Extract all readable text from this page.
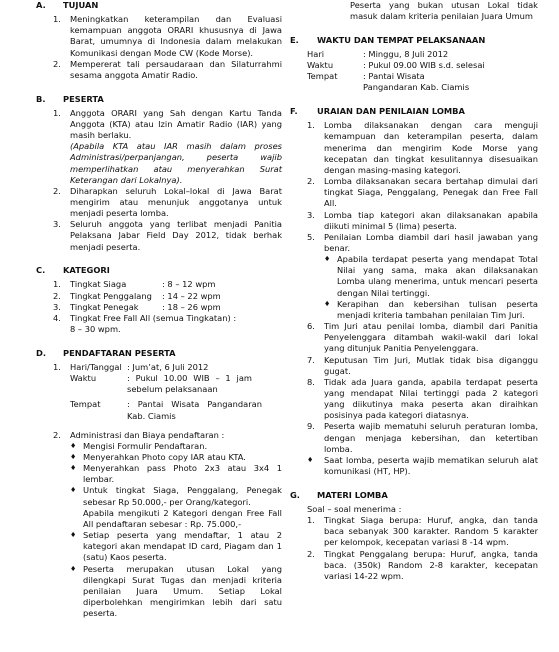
A.	TUJUAN
1.	Meningkatkan keterampilan dan Evaluasi kemampuan anggota ORARI khususnya di Jawa Barat, umumnya di Indonesia dalam melakukan Komunikasi dengan Mode CW (Kode Morse).
2.	Mempererat tali persaudaraan dan Silaturrahmi sesama anggota Amatir Radio.
B.	PESERTA
1.	Anggota ORARI yang Sah dengan Kartu Tanda Anggota (KTA) atau Izin Amatir Radio (IAR) yang masih berlaku.
(Apabila KTA atau IAR masih dalam proses Administrasi/perpanjangan, peserta wajib memperlihatkan atau menyerahkan Surat Keterangan dari Lokalnya).
2.	Diharapkan seluruh Lokal–lokal di Jawa Barat mengirim atau menunjuk anggotanya untuk menjadi peserta lomba.
3.	Seluruh anggota yang terlibat menjadi Panitia Pelaksana Jabar Field Day 2012, tidak berhak menjadi peserta.
C.	KATEGORI
1.	Tingkat Siaga	: 8 – 12 wpm
2.	Tingkat Penggalang	: 14 – 22 wpm
3.	Tingkat Penegak	: 18 – 26 wpm
4.	Tingkat Free Fall All (semua Tingkatan) :
8 – 30 wpm.
D.	PENDAFTARAN PESERTA
1.	Hari/Tanggal : Jum’at, 6 Juli 2012
Waktu	: Pukul 10.00 WIB – 1 jam sebelum pelaksanaan
Tempat	: Pantai Wisata Pangandaran Kab. Ciamis
2.	Administrasi dan Biaya pendaftaran :
♦ Mengisi Formulir Pendaftaran.
♦ Menyerahkan Photo copy IAR atau KTA.
♦ Menyerahkan pass Photo 2x3 atau 3x4 1 lembar.
♦ Untuk tingkat Siaga, Penggalang, Penegak sebesar Rp 50.000,- per Orang/kategori.
Apabila mengikuti 2 Kategori dengan Free Fall All pendaftaran sebesar : Rp. 75.000,-
♦ Setiap peserta yang mendaftar, 1 atau 2 kategori akan mendapat ID card, Piagam dan 1 (satu) Kaos peserta.
♦ Peserta merupakan utusan Lokal yang dilengkapi Surat Tugas dan menjadi kriteria penilaian Juara Umum. Setiap Lokal diperbolehkan mengirimkan lebih dari satu peserta.
Peserta yang bukan utusan Lokal tidak masuk dalam kriteria penilaian Juara Umum
E.	WAKTU DAN TEMPAT PELAKSANAAN
Hari	: Minggu, 8 Juli 2012
Waktu	: Pukul 09.00 WIB s.d. selesai
Tempat	: Pantai Wisata Pangandaran Kab. Ciamis
F.	URAIAN DAN PENILAIAN LOMBA
1.	Lomba dilaksanakan dengan cara menguji kemampuan dan keterampilan peserta, dalam menerima dan mengirim Kode Morse yang kecepatan dan tingkat kesulitannya disesuaikan dengan masing-masing kategori.
2.	Lomba dilaksanakan secara bertahap dimulai dari tingkat Siaga, Penggalang, Penegak dan Free Fall All.
3.	Lomba tiap kategori akan dilaksanakan apabila diikuti minimal 5 (lima) peserta.
5.	Penilaian Lomba diambil dari hasil jawaban yang benar.
♦ Apabila terdapat peserta yang mendapat Total Nilai yang sama, maka akan dilaksanakan Lomba ulang menerima, untuk mencari peserta dengan Nilai tertinggi.
♦ Kerapihan dan kebersihan tulisan peserta menjadi kriteria tambahan penilaian Tim Juri.
6.	Tim Juri atau penilai lomba, diambil dari Panitia Penyelenggara ditambah wakil-wakil dari lokal yang ditunjuk Panitia Penyelenggara.
7.	Keputusan Tim Juri, Mutlak tidak bisa diganggu gugat.
8.	Tidak ada Juara ganda, apabila terdapat peserta yang mendapat Nilai tertinggi pada 2 kategori yang diikutinya maka peserta akan diraihkan posisinya pada kategori diatasnya.
9.	Peserta wajib mematuhi seluruh peraturan lomba, dengan menjaga kebersihan, dan ketertiban lomba.
♦	Saat lomba, peserta wajib mematikan seluruh alat komunikasi (HT, HP).
G.	MATERI LOMBA
Soal – soal menerima :
1.	Tingkat Siaga berupa: Huruf, angka, dan tanda baca sebanyak 300 karakter. Random 5 karakter per kelompok, kecepatan variasi 8 -14 wpm.
2.	Tingkat Penggalang berupa: Huruf, angka, tanda baca. (350k) Random 2-8 karakter, kecepatan variasi 14-22 wpm.
